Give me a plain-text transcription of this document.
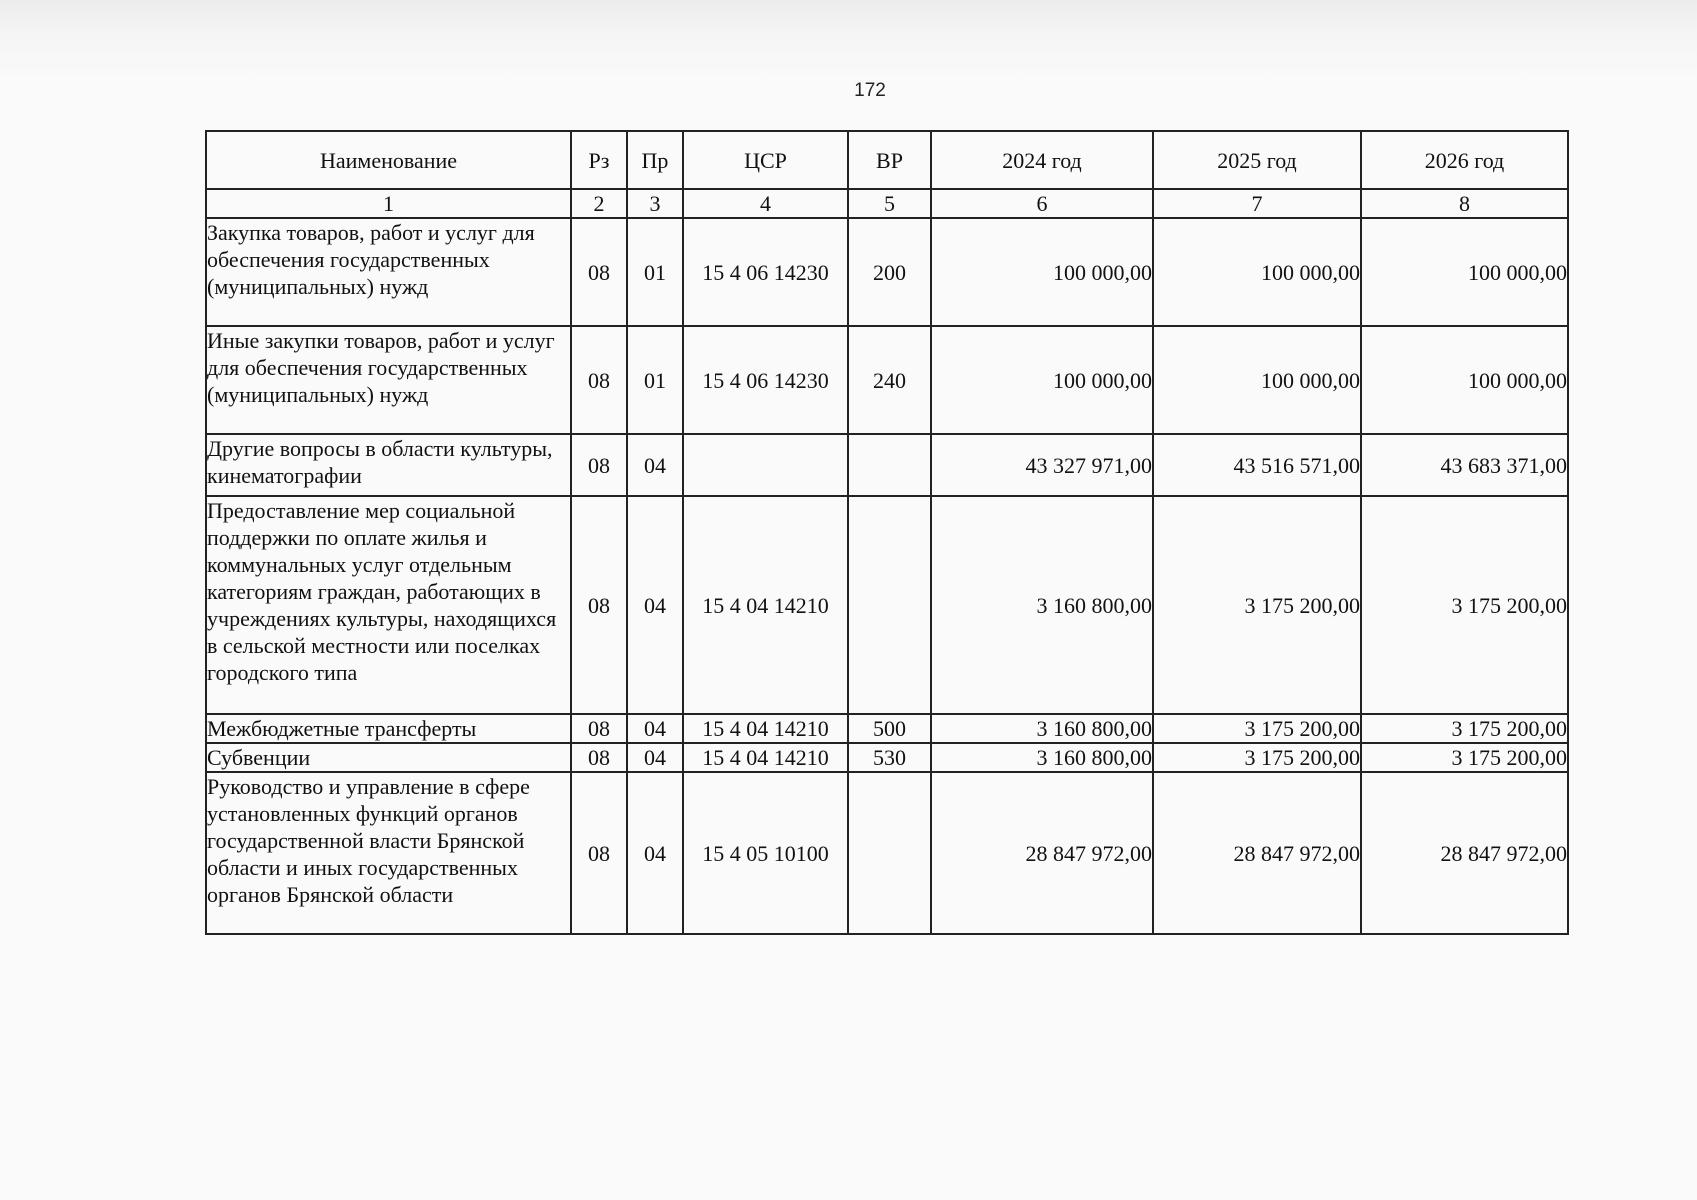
172
Наименование	Рз	Пр	ЦСР	ВР	2024 год	2025 год	2026 год
1	2	3	4	5	6	7	8
Закупка товаров, работ и услуг для обеспечения государственных (муниципальных) нужд	08	01	15 4 06 14230	200	100 000,00	100 000,00	100 000,00
Иные закупки товаров, работ и услуг для обеспечения государственных (муниципальных) нужд	08	01	15 4 06 14230	240	100 000,00	100 000,00	100 000,00
Другие вопросы в области культуры, кинематографии	08	04			43 327 971,00	43 516 571,00	43 683 371,00
Предоставление мер социальной поддержки по оплате жилья и коммунальных услуг отдельным категориям граждан, работающих в учреждениях культуры, находящихся в сельской местности или поселках городского типа	08	04	15 4 04 14210		3 160 800,00	3 175 200,00	3 175 200,00
Межбюджетные трансферты	08	04	15 4 04 14210	500	3 160 800,00	3 175 200,00	3 175 200,00
Субвенции	08	04	15 4 04 14210	530	3 160 800,00	3 175 200,00	3 175 200,00
Руководство и управление в сфере установленных функций органов государственной власти Брянской области и иных государственных органов Брянской области	08	04	15 4 05 10100		28 847 972,00	28 847 972,00	28 847 972,00
